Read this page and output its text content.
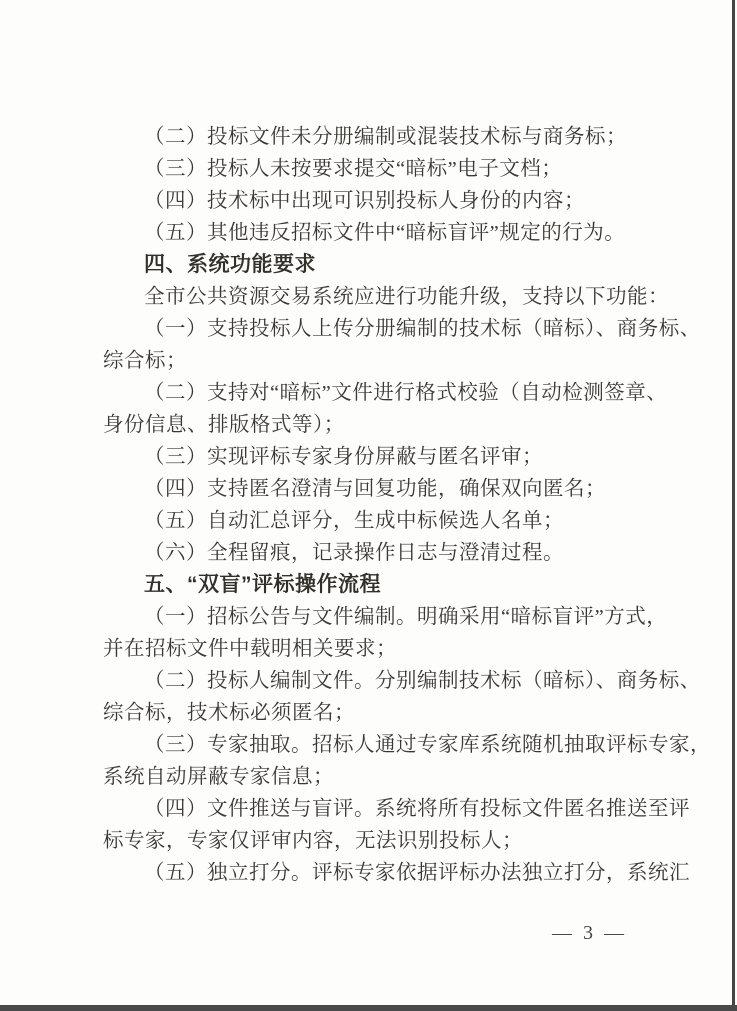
（二）投标文件未分册编制或混装技术标与商务标；
（三）投标人未按要求提交“暗标”电子文档；
（四）技术标中出现可识别投标人身份的内容；
（五）其他违反招标文件中“暗标盲评”规定的行为。
四、系统功能要求
全市公共资源交易系统应进行功能升级，支持以下功能：
（一）支持投标人上传分册编制的技术标（暗标）、商务标、
综合标；
（二）支持对“暗标”文件进行格式校验（自动检测签章、
身份信息、排版格式等）；
（三）实现评标专家身份屏蔽与匿名评审；
（四）支持匿名澄清与回复功能，确保双向匿名；
（五）自动汇总评分，生成中标候选人名单；
（六）全程留痕，记录操作日志与澄清过程。
五、“双盲”评标操作流程
（一）招标公告与文件编制。明确采用“暗标盲评”方式，
并在招标文件中载明相关要求；
（二）投标人编制文件。分别编制技术标（暗标）、商务标、
综合标，技术标必须匿名；
（三）专家抽取。招标人通过专家库系统随机抽取评标专家，
系统自动屏蔽专家信息；
（四）文件推送与盲评。系统将所有投标文件匿名推送至评
标专家，专家仅评审内容，无法识别投标人；
（五）独立打分。评标专家依据评标办法独立打分，系统汇
— 3 —
